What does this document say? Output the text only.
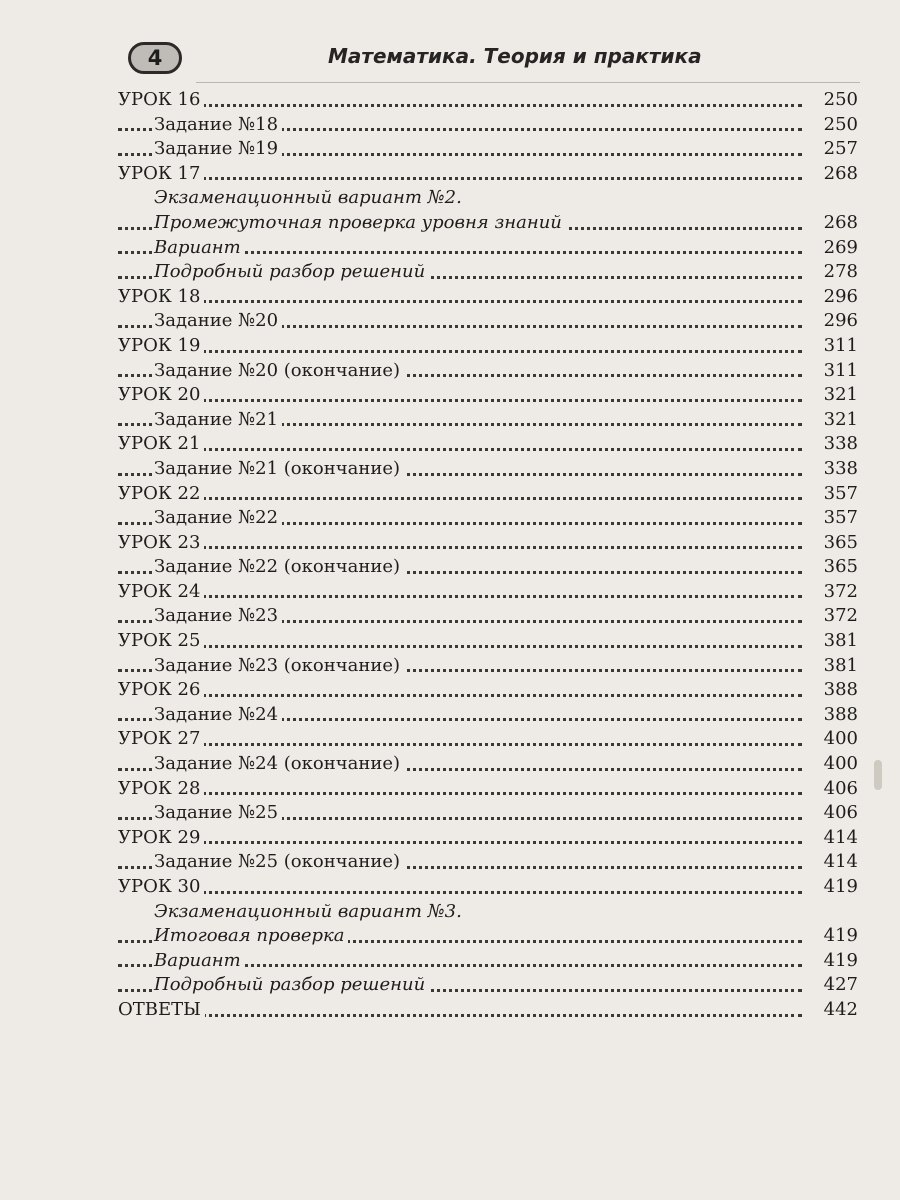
4	Математика. Теория и практика
УРОК 16	250
Задание №18	250
Задание №19	257
УРОК 17	268
Экзаменационный вариант №2.
Промежуточная проверка уровня знаний	268
Вариант	269
Подробный разбор решений	278
УРОК 18	296
Задание №20	296
УРОК 19	311
Задание №20 (окончание)	311
УРОК 20	321
Задание №21	321
УРОК 21	338
Задание №21 (окончание)	338
УРОК 22	357
Задание №22	357
УРОК 23	365
Задание №22 (окончание)	365
УРОК 24	372
Задание №23	372
УРОК 25	381
Задание №23 (окончание)	381
УРОК 26	388
Задание №24	388
УРОК 27	400
Задание №24 (окончание)	400
УРОК 28	406
Задание №25	406
УРОК 29	414
Задание №25 (окончание)	414
УРОК 30	419
Экзаменационный вариант №3.
Итоговая проверка	419
Вариант	419
Подробный разбор решений	427
ОТВЕТЫ	442
